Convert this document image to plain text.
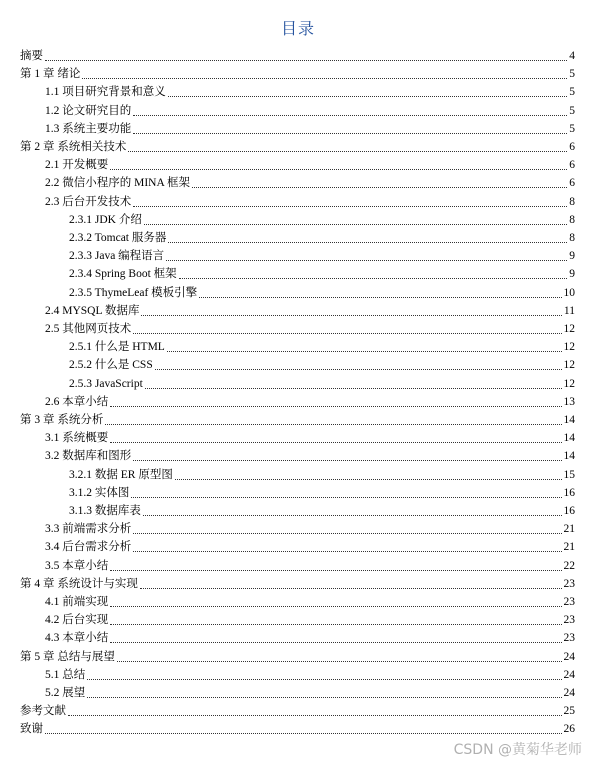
目录
摘要	4
第 1 章 绪论	5
1.1 项目研究背景和意义	5
1.2 论文研究目的	5
1.3 系统主要功能	5
第 2 章 系统相关技术	6
2.1 开发概要	6
2.2 微信小程序的 MINA 框架	6
2.3 后台开发技术	8
2.3.1 JDK 介绍	8
2.3.2 Tomcat 服务器	8
2.3.3 Java 编程语言	9
2.3.4 Spring Boot 框架	9
2.3.5 ThymeLeaf 模板引擎	10
2.4 MYSQL 数据库	11
2.5 其他网页技术	12
2.5.1 什么是 HTML	12
2.5.2 什么是 CSS	12
2.5.3 JavaScript	12
2.6 本章小结	13
第 3 章 系统分析	14
3.1 系统概要	14
3.2 数据库和图形	14
3.2.1 数据 ER 原型图	15
3.1.2 实体图	16
3.1.3 数据库表	16
3.3 前端需求分析	21
3.4 后台需求分析	21
3.5 本章小结	22
第 4 章 系统设计与实现	23
4.1 前端实现	23
4.2 后台实现	23
4.3 本章小结	23
第 5 章 总结与展望	24
5.1 总结	24
5.2 展望	24
参考文献	25
致谢	26
CSDN @黄菊华老师
